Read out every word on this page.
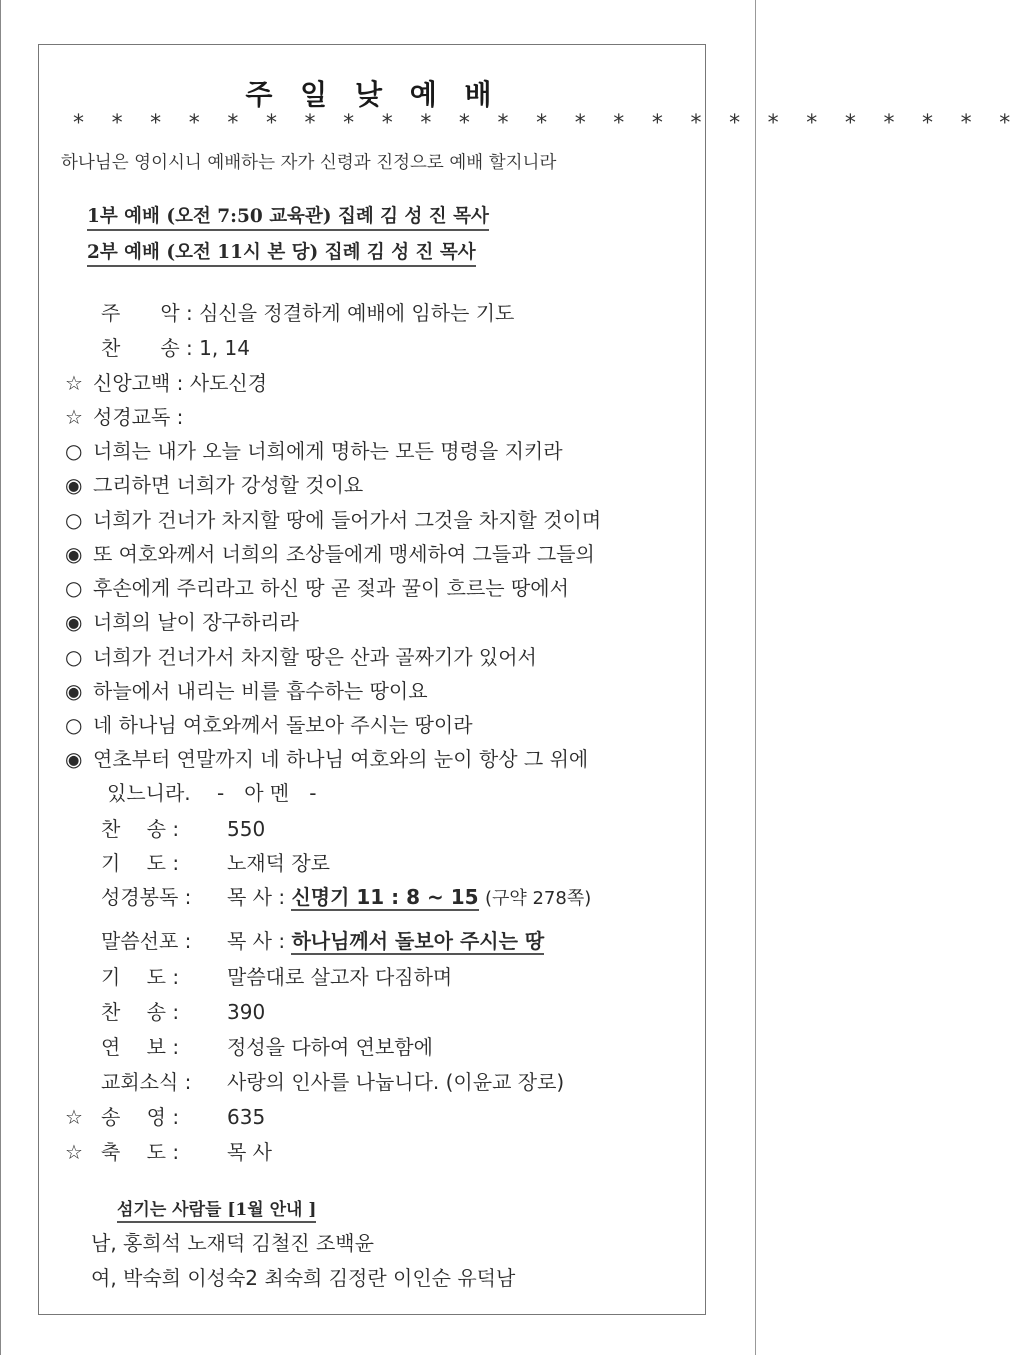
주 일 낮 예 배
* * * * * * * * * * * * * * * * * * * * * * * * *
하나님은 영이시니 예배하는 자가 신령과 진정으로 예배 할지니라
1부 예배 (오전 7:50 교육관) 집례 김 성 진 목사
2부 예배 (오전 11시 본 당) 집례 김 성 진 목사
주　　악 : 심신을 정결하게 예배에 임하는 기도
찬　　송 : 1, 14
☆ 신앙고백 : 사도신경
☆ 성경교독 :
○ 너희는 내가 오늘 너희에게 명하는 모든 명령을 지키라
◉ 그리하면 너희가 강성할 것이요
○ 너희가 건너가 차지할 땅에 들어가서 그것을 차지할 것이며
◉ 또 여호와께서 너희의 조상들에게 맹세하여 그들과 그들의
○ 후손에게 주리라고 하신 땅 곧 젖과 꿀이 흐르는 땅에서
◉ 너희의 날이 장구하리라
○ 너희가 건너가서 차지할 땅은 산과 골짜기가 있어서
◉ 하늘에서 내리는 비를 흡수하는 땅이요
○ 네 하나님 여호와께서 돌보아 주시는 땅이라
◉ 연초부터 연말까지 네 하나님 여호와의 눈이 항상 그 위에
있느니라.　 -　아 멘　-
찬　 송 : 550
기　 도 : 노재덕 장로
성경봉독 : 목 사 : 신명기 11 : 8 ~ 15 (구약 278쪽)
말씀선포 : 목 사 : 하나님께서 돌보아 주시는 땅
기　 도 : 말씀대로 살고자 다짐하며
찬　 송 : 390
연　 보 : 정성을 다하여 연보함에
교회소식 : 사랑의 인사를 나눕니다. (이윤교 장로)
☆ 송　 영 : 635
☆ 축　 도 : 목 사
섬기는 사람들 [1월 안내 ]
남, 홍희석 노재덕 김철진 조백윤
여, 박숙희 이성숙2 최숙희 김정란 이인순 유덕남
